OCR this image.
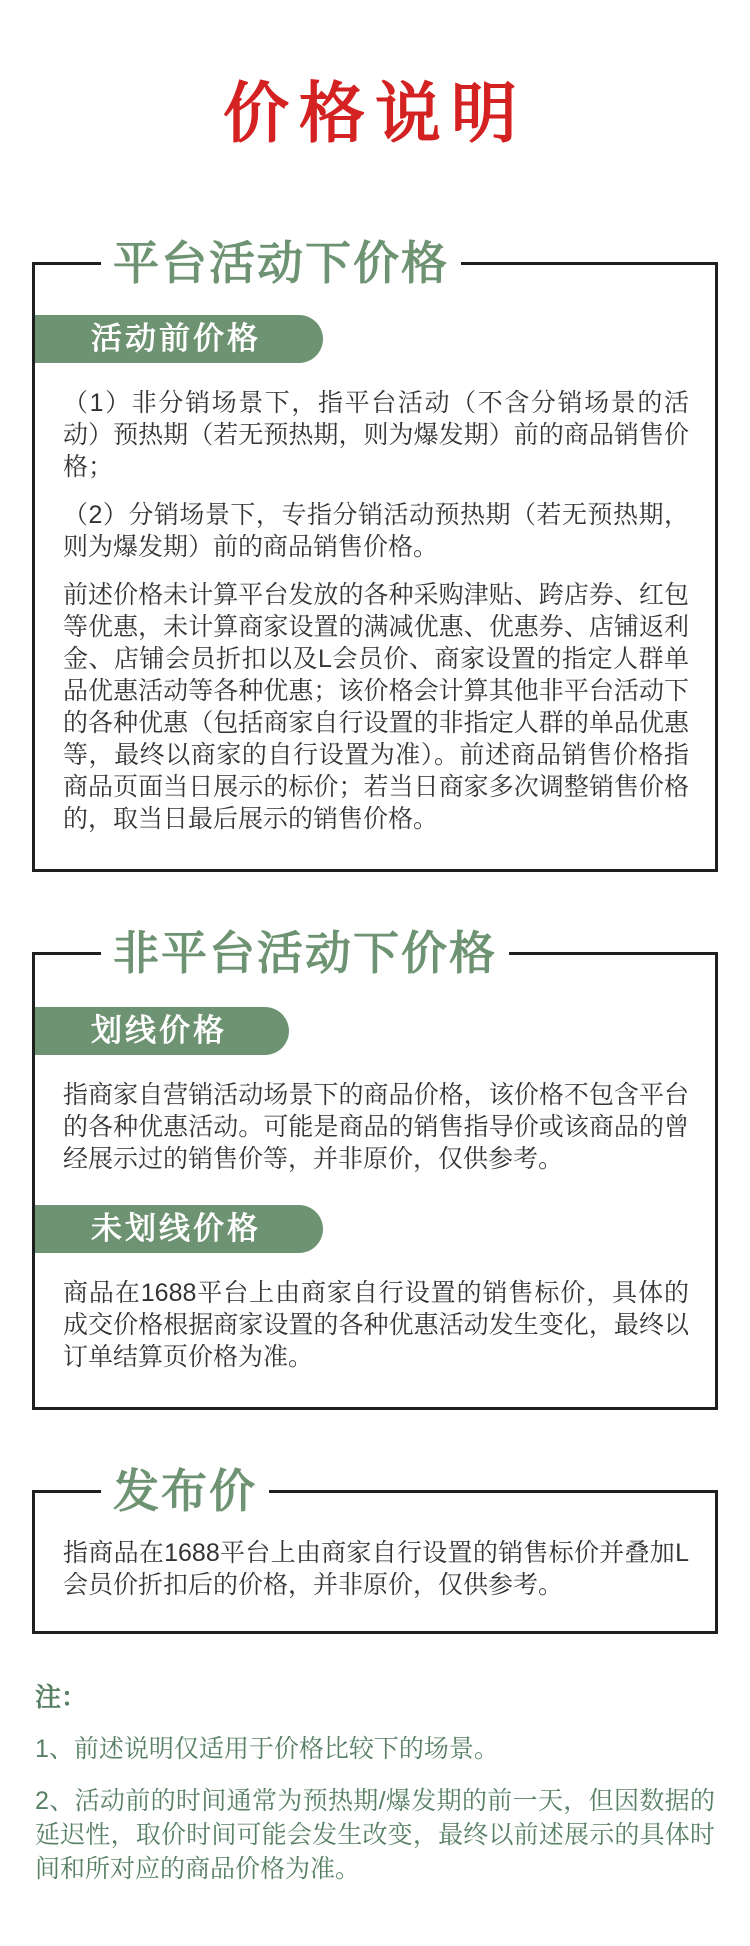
价格说明
平台活动下价格
活动前价格

（1）非分销场景下，指平台活动（不含分销场景的活动）预热期（若无预热期，则为爆发期）前的商品销售价格；

（2）分销场景下，专指分销活动预热期（若无预热期，则为爆发期）前的商品销售价格。

前述价格未计算平台发放的各种采购津贴、跨店券、红包等优惠，未计算商家设置的满减优惠、优惠券、店铺返利金、店铺会员折扣以及L会员价、商家设置的指定人群单品优惠活动等各种优惠；该价格会计算其他非平台活动下的各种优惠（包括商家自行设置的非指定人群的单品优惠等，最终以商家的自行设置为准）。前述商品销售价格指商品页面当日展示的标价；若当日商家多次调整销售价格的，取当日最后展示的销售价格。

非平台活动下价格
划线价格

指商家自营销活动场景下的商品价格，该价格不包含平台的各种优惠活动。可能是商品的销售指导价或该商品的曾经展示过的销售价等，并非原价，仅供参考。

未划线价格

商品在1688平台上由商家自行设置的销售标价，具体的成交价格根据商家设置的各种优惠活动发生变化，最终以订单结算页价格为准。

发布价

指商品在1688平台上由商家自行设置的销售标价并叠加L会员价折扣后的价格，并非原价，仅供参考。

注：

1、前述说明仅适用于价格比较下的场景。

2、活动前的时间通常为预热期/爆发期的前一天，但因数据的延迟性，取价时间可能会发生改变，最终以前述展示的具体时间和所对应的商品价格为准。
